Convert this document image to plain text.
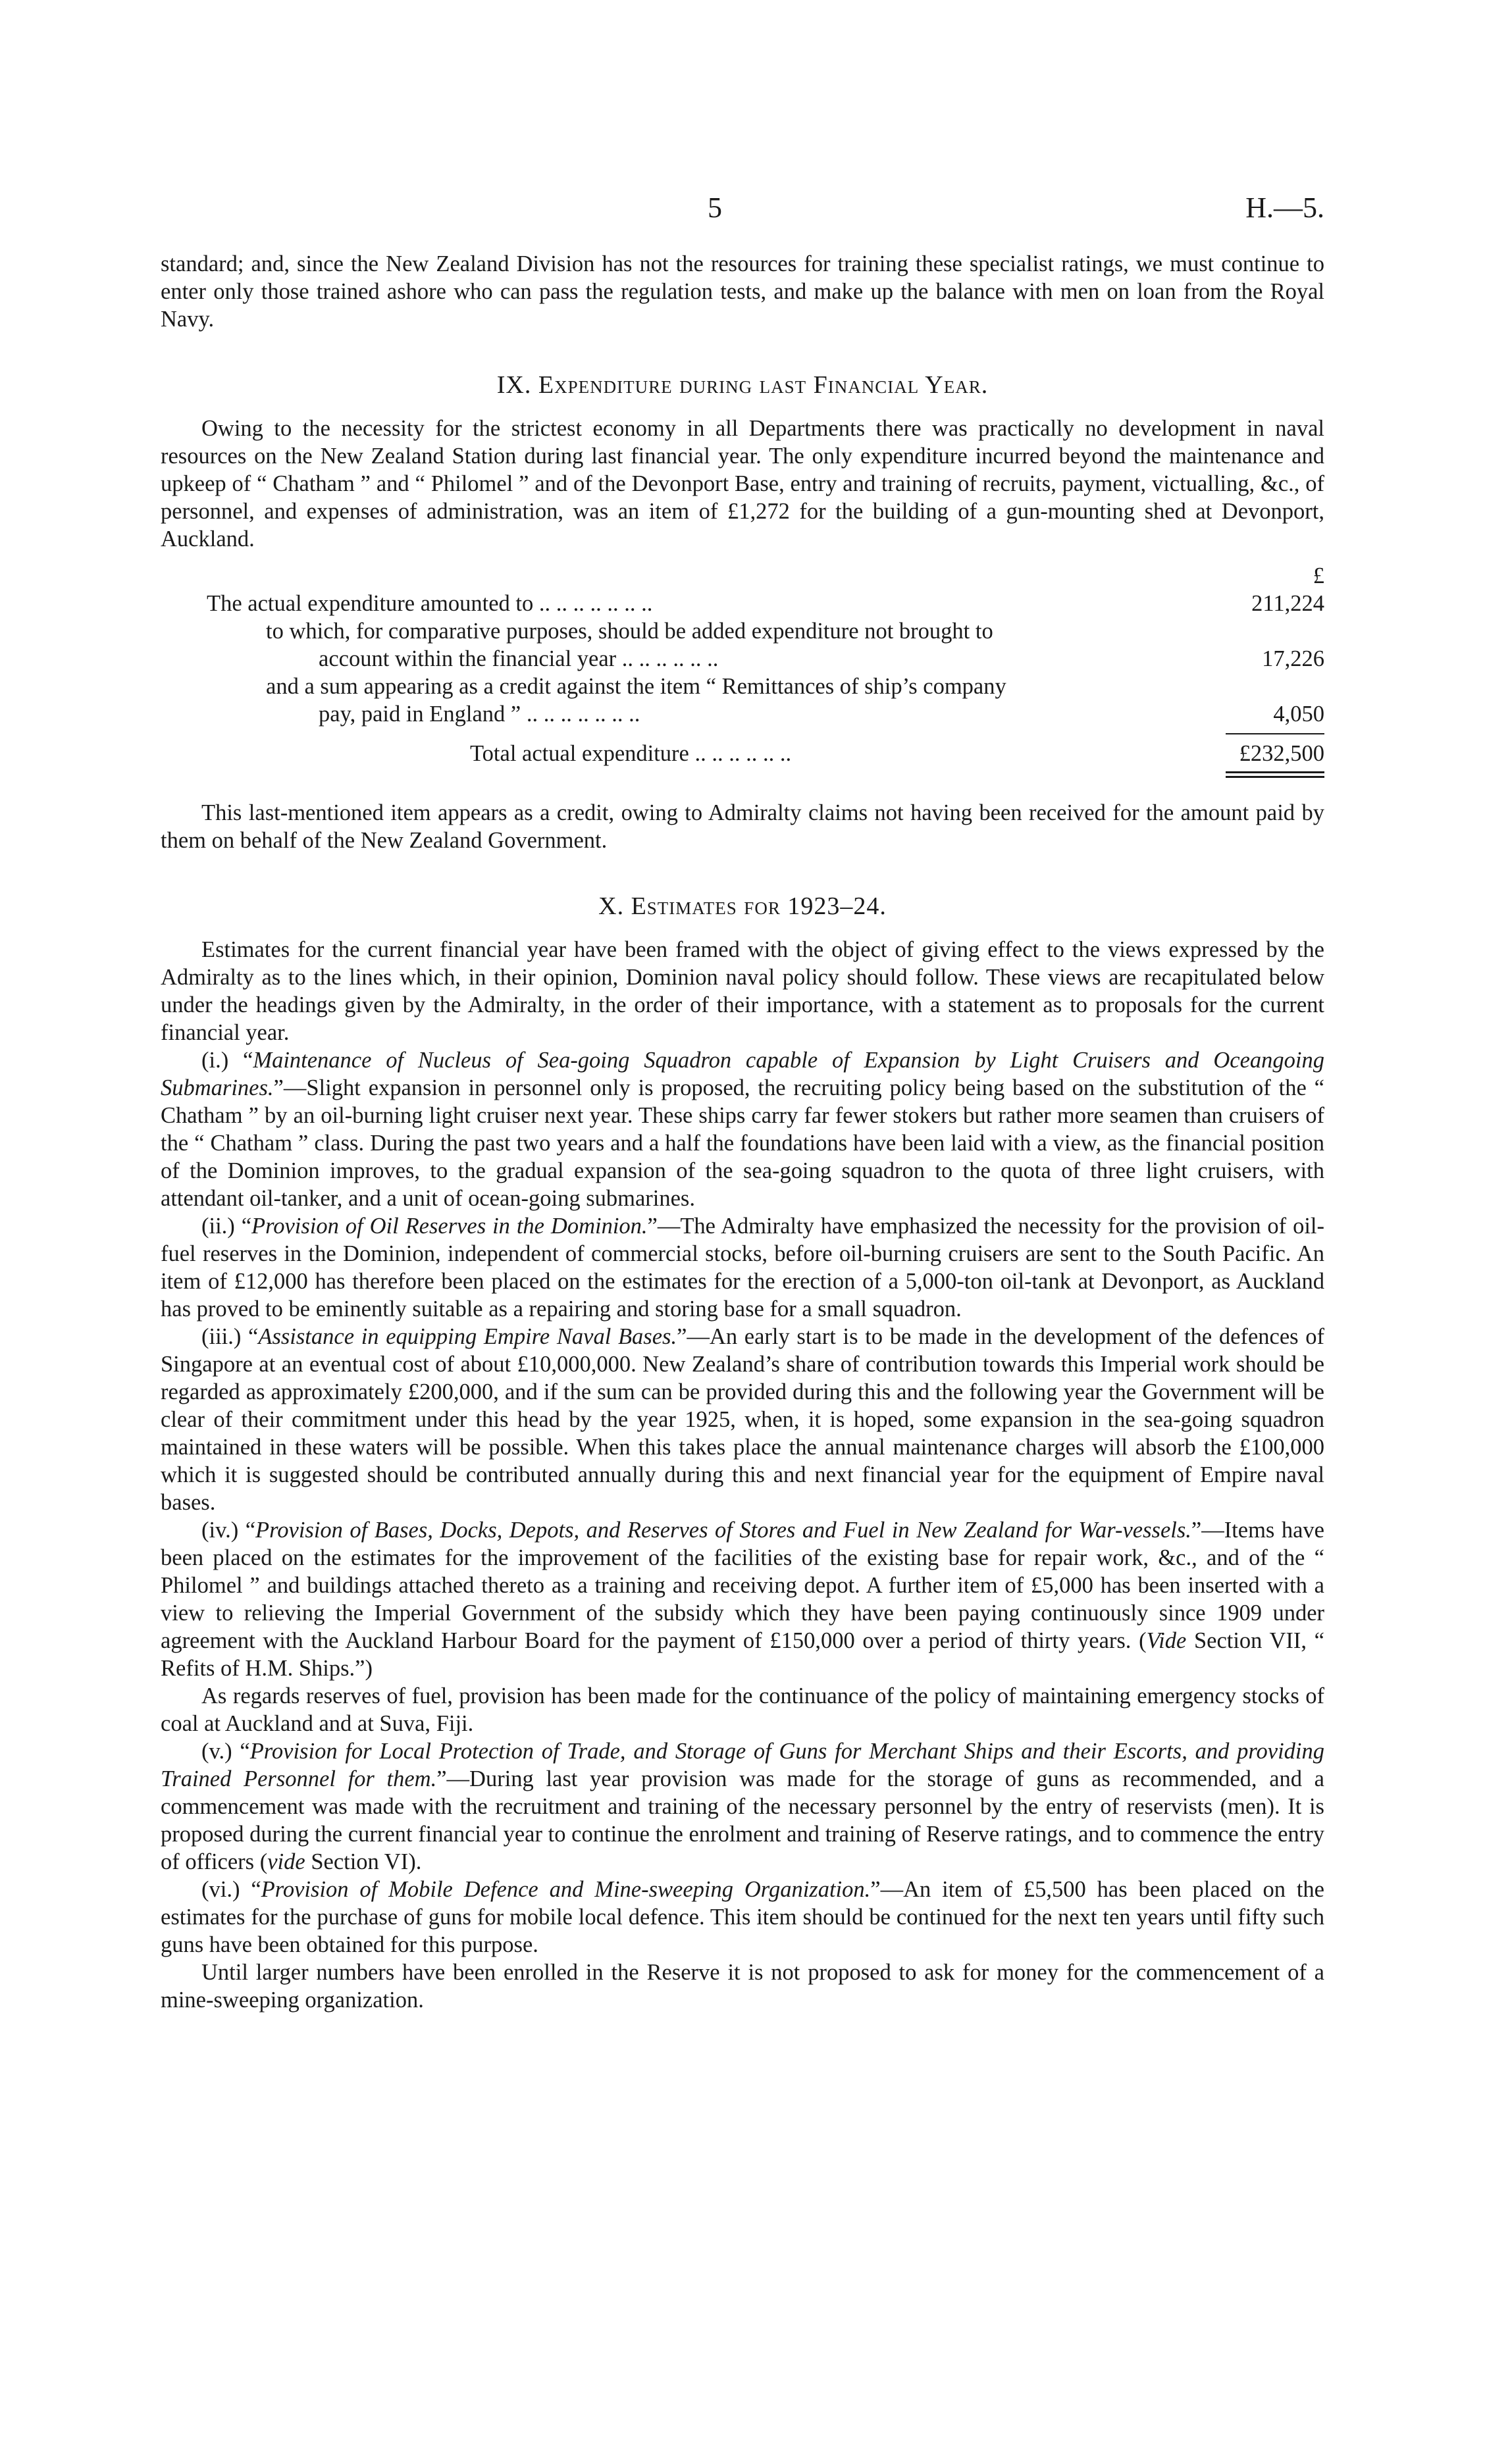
5	H.—5.

standard; and, since the New Zealand Division has not the resources for training these specialist ratings, we must continue to enter only those trained ashore who can pass the regulation tests, and make up the balance with men on loan from the Royal Navy.

IX. Expenditure during last Financial Year.

Owing to the necessity for the strictest economy in all Departments there was practically no development in naval resources on the New Zealand Station during last financial year. The only expenditure incurred beyond the maintenance and upkeep of “ Chatham ” and “ Philomel ” and of the Devonport Base, entry and training of recruits, payment, victualling, &c., of personnel, and expenses of administration, was an item of £1,272 for the building of a gun-mounting shed at Devonport, Auckland.

£
The actual expenditure amounted to .. .. .. .. .. .. ..	211,224
to which, for comparative purposes, should be added expenditure not brought to
account within the financial year .. .. .. .. .. ..	17,226
and a sum appearing as a credit against the item “ Remittances of ship’s company
pay, paid in England ” .. .. .. .. .. .. ..	4,050
Total actual expenditure .. .. .. .. .. ..	£232,500

This last-mentioned item appears as a credit, owing to Admiralty claims not having been received for the amount paid by them on behalf of the New Zealand Government.

X. Estimates for 1923–24.

Estimates for the current financial year have been framed with the object of giving effect to the views expressed by the Admiralty as to the lines which, in their opinion, Dominion naval policy should follow. These views are recapitulated below under the headings given by the Admiralty, in the order of their importance, with a statement as to proposals for the current financial year.

(i.) “Maintenance of Nucleus of Sea-going Squadron capable of Expansion by Light Cruisers and Oceangoing Submarines.”—Slight expansion in personnel only is proposed, the recruiting policy being based on the substitution of the “ Chatham ” by an oil-burning light cruiser next year. These ships carry far fewer stokers but rather more seamen than cruisers of the “ Chatham ” class. During the past two years and a half the foundations have been laid with a view, as the financial position of the Dominion improves, to the gradual expansion of the sea-going squadron to the quota of three light cruisers, with attendant oil-tanker, and a unit of ocean-going submarines.

(ii.) “Provision of Oil Reserves in the Dominion.”—The Admiralty have emphasized the necessity for the provision of oil-fuel reserves in the Dominion, independent of commercial stocks, before oil-burning cruisers are sent to the South Pacific. An item of £12,000 has therefore been placed on the estimates for the erection of a 5,000-ton oil-tank at Devonport, as Auckland has proved to be eminently suitable as a repairing and storing base for a small squadron.

(iii.) “Assistance in equipping Empire Naval Bases.”—An early start is to be made in the development of the defences of Singapore at an eventual cost of about £10,000,000. New Zealand’s share of contribution towards this Imperial work should be regarded as approximately £200,000, and if the sum can be provided during this and the following year the Government will be clear of their commitment under this head by the year 1925, when, it is hoped, some expansion in the sea-going squadron maintained in these waters will be possible. When this takes place the annual maintenance charges will absorb the £100,000 which it is suggested should be contributed annually during this and next financial year for the equipment of Empire naval bases.

(iv.) “Provision of Bases, Docks, Depots, and Reserves of Stores and Fuel in New Zealand for War-vessels.”—Items have been placed on the estimates for the improvement of the facilities of the existing base for repair work, &c., and of the “ Philomel ” and buildings attached thereto as a training and receiving depot. A further item of £5,000 has been inserted with a view to relieving the Imperial Government of the subsidy which they have been paying continuously since 1909 under agreement with the Auckland Harbour Board for the payment of £150,000 over a period of thirty years. (Vide Section VII, “ Refits of H.M. Ships.”)

As regards reserves of fuel, provision has been made for the continuance of the policy of maintaining emergency stocks of coal at Auckland and at Suva, Fiji.

(v.) “Provision for Local Protection of Trade, and Storage of Guns for Merchant Ships and their Escorts, and providing Trained Personnel for them.”—During last year provision was made for the storage of guns as recommended, and a commencement was made with the recruitment and training of the necessary personnel by the entry of reservists (men). It is proposed during the current financial year to continue the enrolment and training of Reserve ratings, and to commence the entry of officers (vide Section VI).

(vi.) “Provision of Mobile Defence and Mine-sweeping Organization.”—An item of £5,500 has been placed on the estimates for the purchase of guns for mobile local defence. This item should be continued for the next ten years until fifty such guns have been obtained for this purpose.

Until larger numbers have been enrolled in the Reserve it is not proposed to ask for money for the commencement of a mine-sweeping organization.
